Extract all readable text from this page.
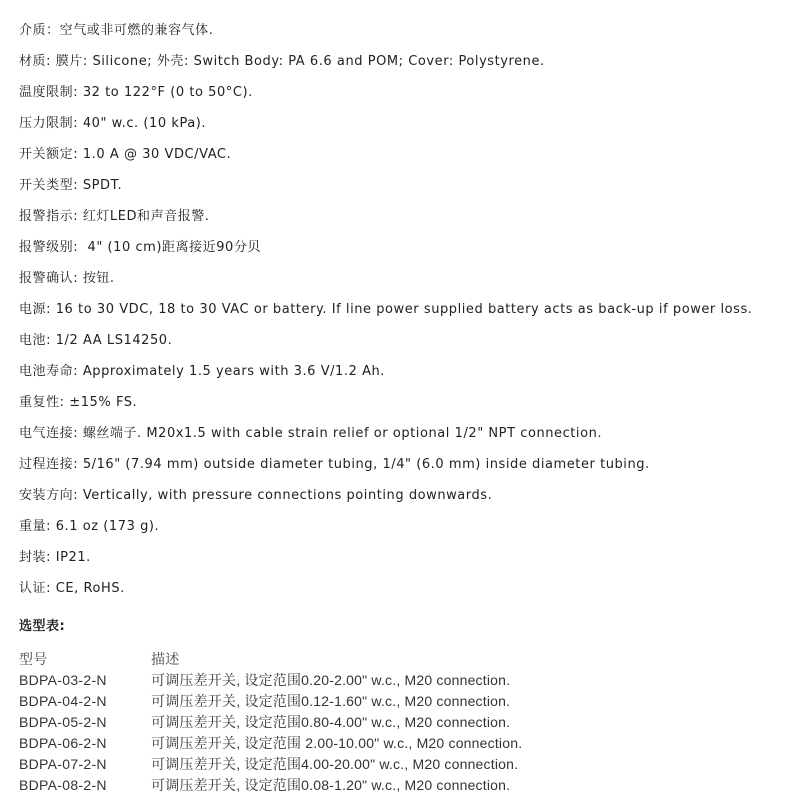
介质：空气或非可燃的兼容气体.
材质: 膜片: Silicone; 外壳: Switch Body: PA 6.6 and POM; Cover: Polystyrene.
温度限制: 32 to 122°F (0 to 50°C).
压力限制: 40" w.c. (10 kPa).
开关额定: 1.0 A @ 30 VDC/VAC.
开关类型: SPDT.
报警指示: 红灯LED和声音报警.
报警级别:  4" (10 cm)距离接近90分贝
报警确认: 按钮.
电源: 16 to 30 VDC, 18 to 30 VAC or battery. If line power supplied battery acts as back-up if power loss.
电池: 1/2 AA LS14250.
电池寿命: Approximately 1.5 years with 3.6 V/1.2 Ah.
重复性: ±15% FS.
电气连接: 螺丝端子. M20x1.5 with cable strain relief or optional 1/2" NPT connection.
过程连接: 5/16" (7.94 mm) outside diameter tubing, 1/4" (6.0 mm) inside diameter tubing.
安装方向: Vertically, with pressure connections pointing downwards.
重量: 6.1 oz (173 g).
封装: IP21.
认证: CE, RoHS.
选型表:
型号	描述
BDPA-03-2-N	可调压差开关, 设定范围0.20-2.00" w.c., M20 connection.
BDPA-04-2-N	可调压差开关, 设定范围0.12-1.60" w.c., M20 connection.
BDPA-05-2-N	可调压差开关, 设定范围0.80-4.00" w.c., M20 connection.
BDPA-06-2-N	可调压差开关, 设定范围 2.00-10.00" w.c., M20 connection.
BDPA-07-2-N	可调压差开关, 设定范围4.00-20.00" w.c., M20 connection.
BDPA-08-2-N	可调压差开关, 设定范围0.08-1.20" w.c., M20 connection.
